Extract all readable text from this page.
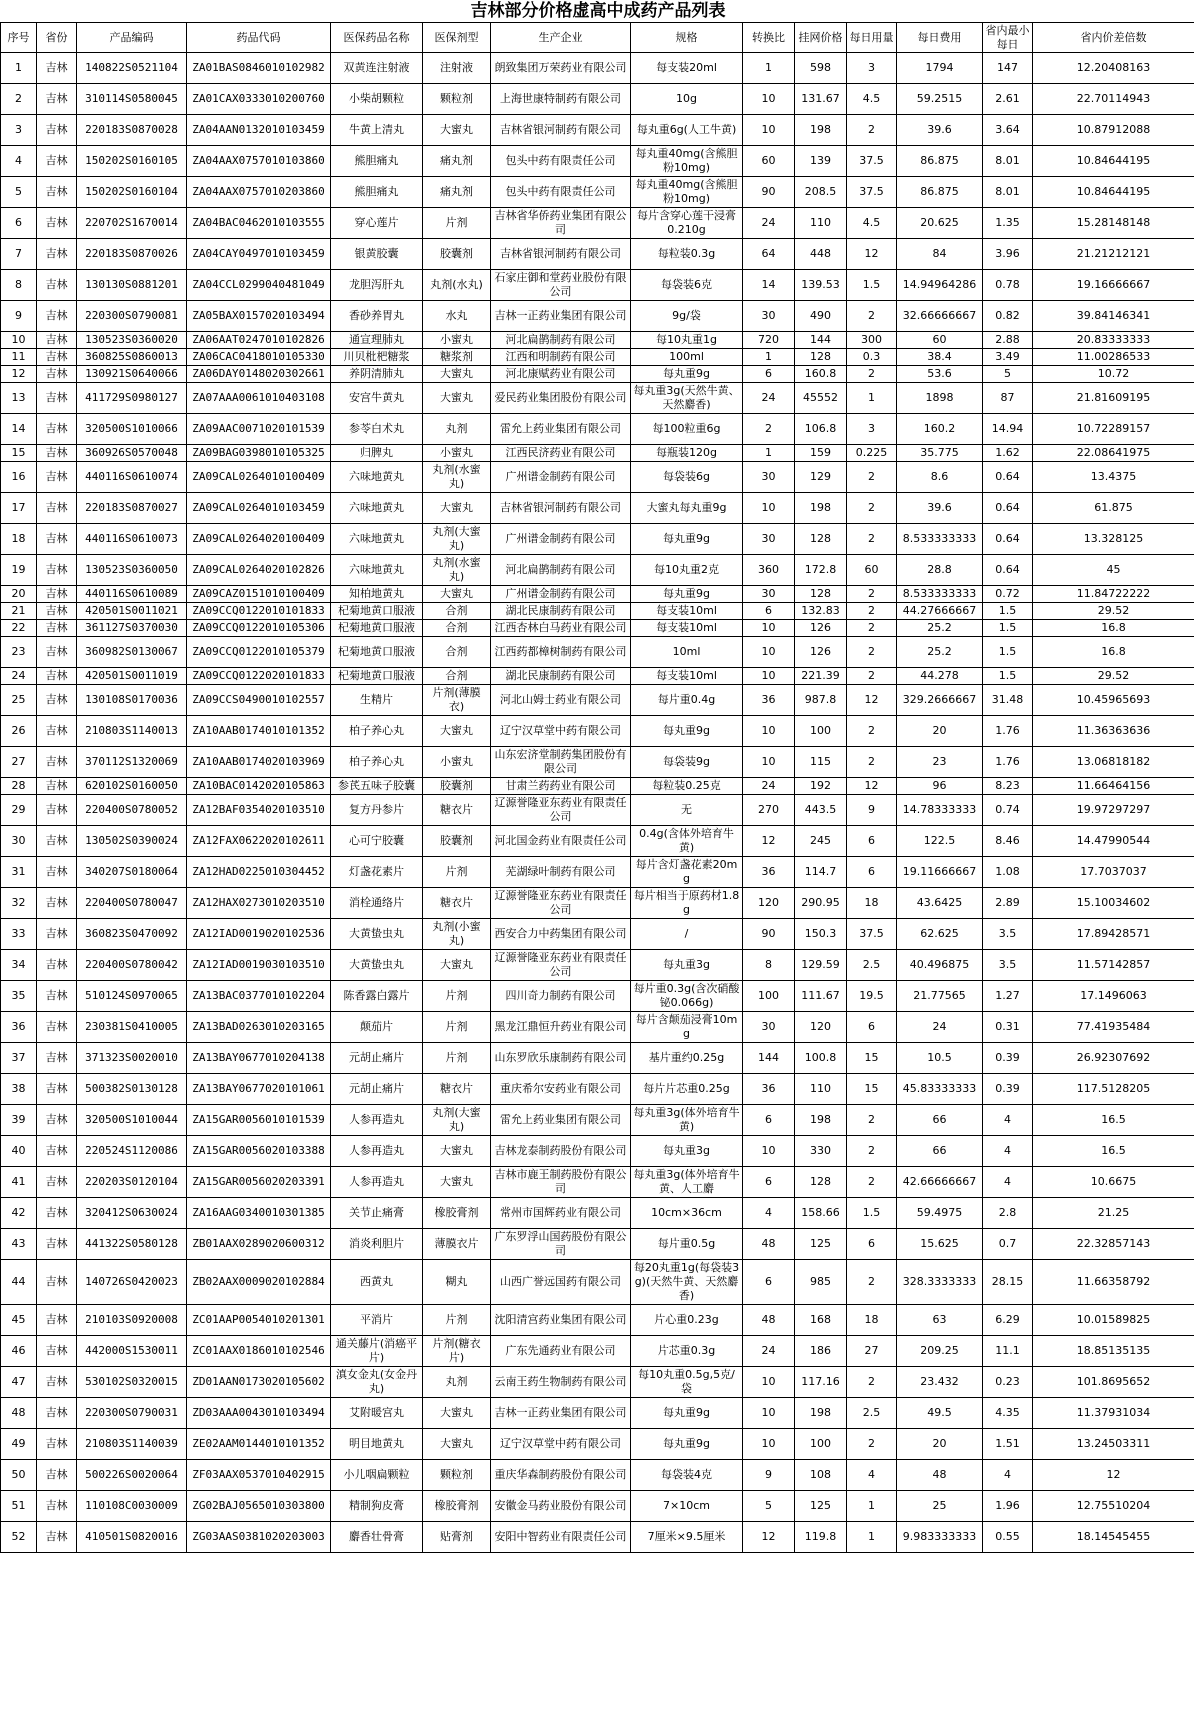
吉林部分价格虚高中成药产品列表
序号	省份	产品编码	药品代码	医保药品名称	医保剂型	生产企业	规格	转换比	挂网价格	每日用量	每日费用	省内最小每日	省内价差倍数
1	吉林	140822S0521104	ZA01BAS0846010102982	双黄连注射液	注射液	朗致集团万荣药业有限公司	每支装20ml	1	598	3	1794	147	12.20408163
2	吉林	310114S0580045	ZA01CAX0333010200760	小柴胡颗粒	颗粒剂	上海世康特制药有限公司	10g	10	131.67	4.5	59.2515	2.61	22.70114943
3	吉林	220183S0870028	ZA04AAN0132010103459	牛黄上清丸	大蜜丸	吉林省银河制药有限公司	每丸重6g(人工牛黄)	10	198	2	39.6	3.64	10.87912088
4	吉林	150202S0160105	ZA04AAX0757010103860	熊胆痛丸	痛丸剂	包头中药有限责任公司	每丸重40mg(含熊胆粉10mg)	60	139	37.5	86.875	8.01	10.84644195
5	吉林	150202S0160104	ZA04AAX0757010203860	熊胆痛丸	痛丸剂	包头中药有限责任公司	每丸重40mg(含熊胆粉10mg)	90	208.5	37.5	86.875	8.01	10.84644195
6	吉林	220702S1670014	ZA04BAC0462010103555	穿心莲片	片剂	吉林省华侨药业集团有限公司	每片含穿心莲干浸膏0.210g	24	110	4.5	20.625	1.35	15.28148148
7	吉林	220183S0870026	ZA04CAY0497010103459	银黄胶囊	胶囊剂	吉林省银河制药有限公司	每粒装0.3g	64	448	12	84	3.96	21.21212121
8	吉林	130130S0881201	ZA04CCL0299040481049	龙胆泻肝丸	丸剂(水丸)	石家庄御和堂药业股份有限公司	每袋装6克	14	139.53	1.5	14.94964286	0.78	19.16666667
9	吉林	220300S0790081	ZA05BAX0157020103494	香砂养胃丸	水丸	吉林一正药业集团有限公司	9g/袋	30	490	2	32.66666667	0.82	39.84146341
10	吉林	130523S0360020	ZA06AAT0247010102826	通宣理肺丸	小蜜丸	河北扁鹊制药有限公司	每10丸重1g	720	144	300	60	2.88	20.83333333
11	吉林	360825S0860013	ZA06CAC0418010105330	川贝枇杷糖浆	糖浆剂	江西和明制药有限公司	100ml	1	128	0.3	38.4	3.49	11.00286533
12	吉林	130921S0640066	ZA06DAY0148020302661	养阴清肺丸	大蜜丸	河北康赋药业有限公司	每丸重9g	6	160.8	2	53.6	5	10.72
13	吉林	411729S0980127	ZA07AAA0061010403108	安宫牛黄丸	大蜜丸	爱民药业集团股份有限公司	每丸重3g(天然牛黄、天然麝香)	24	45552	1	1898	87	21.81609195
14	吉林	320500S1010066	ZA09AAC0071020101539	参苓白术丸	丸剂	雷允上药业集团有限公司	每100粒重6g	2	106.8	3	160.2	14.94	10.72289157
15	吉林	360926S0570048	ZA09BAG0398010105325	归脾丸	小蜜丸	江西民济药业有限公司	每瓶装120g	1	159	0.225	35.775	1.62	22.08641975
16	吉林	440116S0610074	ZA09CAL0264010100409	六味地黄丸	丸剂(水蜜丸)	广州谱金制药有限公司	每袋装6g	30	129	2	8.6	0.64	13.4375
17	吉林	220183S0870027	ZA09CAL0264010103459	六味地黄丸	大蜜丸	吉林省银河制药有限公司	大蜜丸每丸重9g	10	198	2	39.6	0.64	61.875
18	吉林	440116S0610073	ZA09CAL0264020100409	六味地黄丸	丸剂(大蜜丸)	广州谱金制药有限公司	每丸重9g	30	128	2	8.533333333	0.64	13.328125
19	吉林	130523S0360050	ZA09CAL0264020102826	六味地黄丸	丸剂(水蜜丸)	河北扁鹊制药有限公司	每10丸重2克	360	172.8	60	28.8	0.64	45
20	吉林	440116S0610089	ZA09CAZ0151010100409	知柏地黄丸	大蜜丸	广州谱金制药有限公司	每丸重9g	30	128	2	8.533333333	0.72	11.84722222
21	吉林	420501S0011021	ZA09CCQ0122010101833	杞菊地黄口服液	合剂	湖北民康制药有限公司	每支装10ml	6	132.83	2	44.27666667	1.5	29.52
22	吉林	361127S0370030	ZA09CCQ0122010105306	杞菊地黄口服液	合剂	江西杏林白马药业有限公司	每支装10ml	10	126	2	25.2	1.5	16.8
23	吉林	360982S0130067	ZA09CCQ0122010105379	杞菊地黄口服液	合剂	江西药都樟树制药有限公司	10ml	10	126	2	25.2	1.5	16.8
24	吉林	420501S0011019	ZA09CCQ0122020101833	杞菊地黄口服液	合剂	湖北民康制药有限公司	每支装10ml	10	221.39	2	44.278	1.5	29.52
25	吉林	130108S0170036	ZA09CCS0490010102557	生精片	片剂(薄膜衣)	河北山姆士药业有限公司	每片重0.4g	36	987.8	12	329.2666667	31.48	10.45965693
26	吉林	210803S1140013	ZA10AAB0174010101352	柏子养心丸	大蜜丸	辽宁汉草堂中药有限公司	每丸重9g	10	100	2	20	1.76	11.36363636
27	吉林	370112S1320069	ZA10AAB0174020103969	柏子养心丸	小蜜丸	山东宏济堂制药集团股份有限公司	每袋装9g	10	115	2	23	1.76	13.06818182
28	吉林	620102S0160050	ZA10BAC0142020105863	参芪五味子胶囊	胶囊剂	甘肃兰药药业有限公司	每粒装0.25克	24	192	12	96	8.23	11.66464156
29	吉林	220400S0780052	ZA12BAF0354020103510	复方丹参片	糖衣片	辽源誉隆亚东药业有限责任公司	无	270	443.5	9	14.78333333	0.74	19.97297297
30	吉林	130502S0390024	ZA12FAX0622020102611	心可宁胶囊	胶囊剂	河北国金药业有限责任公司	0.4g(含体外培育牛黄)	12	245	6	122.5	8.46	14.47990544
31	吉林	340207S0180064	ZA12HAD0225010304452	灯盏花素片	片剂	芜湖绿叶制药有限公司	每片含灯盏花素20mg	36	114.7	6	19.11666667	1.08	17.7037037
32	吉林	220400S0780047	ZA12HAX0273010203510	消栓通络片	糖衣片	辽源誉隆亚东药业有限责任公司	每片相当于原药材1.8g	120	290.95	18	43.6425	2.89	15.10034602
33	吉林	360823S0470092	ZA12IAD0019020102536	大黄蛰虫丸	丸剂(小蜜丸)	西安合力中药集团有限公司	/	90	150.3	37.5	62.625	3.5	17.89428571
34	吉林	220400S0780042	ZA12IAD0019030103510	大黄蛰虫丸	大蜜丸	辽源誉隆亚东药业有限责任公司	每丸重3g	8	129.59	2.5	40.496875	3.5	11.57142857
35	吉林	510124S0970065	ZA13BAC0377010102204	陈香露白露片	片剂	四川奇力制药有限公司	每片重0.3g(含次硝酸铋0.066g)	100	111.67	19.5	21.77565	1.27	17.1496063
36	吉林	230381S0410005	ZA13BAD0263010203165	颠茄片	片剂	黑龙江鼎恒升药业有限公司	每片含颠茄浸膏10mg	30	120	6	24	0.31	77.41935484
37	吉林	371323S0020010	ZA13BAY0677010204138	元胡止痛片	片剂	山东罗欣乐康制药有限公司	基片重约0.25g	144	100.8	15	10.5	0.39	26.92307692
38	吉林	500382S0130128	ZA13BAY0677020101061	元胡止痛片	糖衣片	重庆希尔安药业有限公司	每片片芯重0.25g	36	110	15	45.83333333	0.39	117.5128205
39	吉林	320500S1010044	ZA15GAR0056010101539	人参再造丸	丸剂(大蜜丸)	雷允上药业集团有限公司	每丸重3g(体外培育牛黄)	6	198	2	66	4	16.5
40	吉林	220524S1120086	ZA15GAR0056020103388	人参再造丸	大蜜丸	吉林龙泰制药股份有限公司	每丸重3g	10	330	2	66	4	16.5
41	吉林	220203S0120104	ZA15GAR0056020203391	人参再造丸	大蜜丸	吉林市鹿王制药股份有限公司	每丸重3g(体外培育牛黄、人工麝	6	128	2	42.66666667	4	10.6675
42	吉林	320412S0630024	ZA16AAG0340010301385	关节止痛膏	橡胶膏剂	常州市国辉药业有限公司	10cm×36cm	4	158.66	1.5	59.4975	2.8	21.25
43	吉林	441322S0580128	ZB01AAX0289020600312	消炎利胆片	薄膜衣片	广东罗浮山国药股份有限公司	每片重0.5g	48	125	6	15.625	0.7	22.32857143
44	吉林	140726S0420023	ZB02AAX0009020102884	西黄丸	糊丸	山西广誉远国药有限公司	每20丸重1g(每袋装3g)(天然牛黄、天然麝香)	6	985	2	328.3333333	28.15	11.66358792
45	吉林	210103S0920008	ZC01AAP0054010201301	平消片	片剂	沈阳清宫药业集团有限公司	片心重0.23g	48	168	18	63	6.29	10.01589825
46	吉林	442000S1530011	ZC01AAX0186010102546	通关藤片(消癌平片)	片剂(糖衣片)	广东先通药业有限公司	片芯重0.3g	24	186	27	209.25	11.1	18.85135135
47	吉林	530102S0320015	ZD01AAN0173020105602	滇女金丸(女金丹丸)	丸剂	云南王药生物制药有限公司	每10丸重0.5g,5克/袋	10	117.16	2	23.432	0.23	101.8695652
48	吉林	220300S0790031	ZD03AAA0043010103494	艾附暖宫丸	大蜜丸	吉林一正药业集团有限公司	每丸重9g	10	198	2.5	49.5	4.35	11.37931034
49	吉林	210803S1140039	ZE02AAM0144010101352	明目地黄丸	大蜜丸	辽宁汉草堂中药有限公司	每丸重9g	10	100	2	20	1.51	13.24503311
50	吉林	500226S0020064	ZF03AAX0537010402915	小儿咽扁颗粒	颗粒剂	重庆华森制药股份有限公司	每袋装4克	9	108	4	48	4	12
51	吉林	110108C0030009	ZG02BAJ0565010303800	精制狗皮膏	橡胶膏剂	安徽金马药业股份有限公司	7×10cm	5	125	1	25	1.96	12.75510204
52	吉林	410501S0820016	ZG03AAS0381020203003	麝香壮骨膏	贴膏剂	安阳中智药业有限责任公司	7厘米×9.5厘米	12	119.8	1	9.983333333	0.55	18.14545455
